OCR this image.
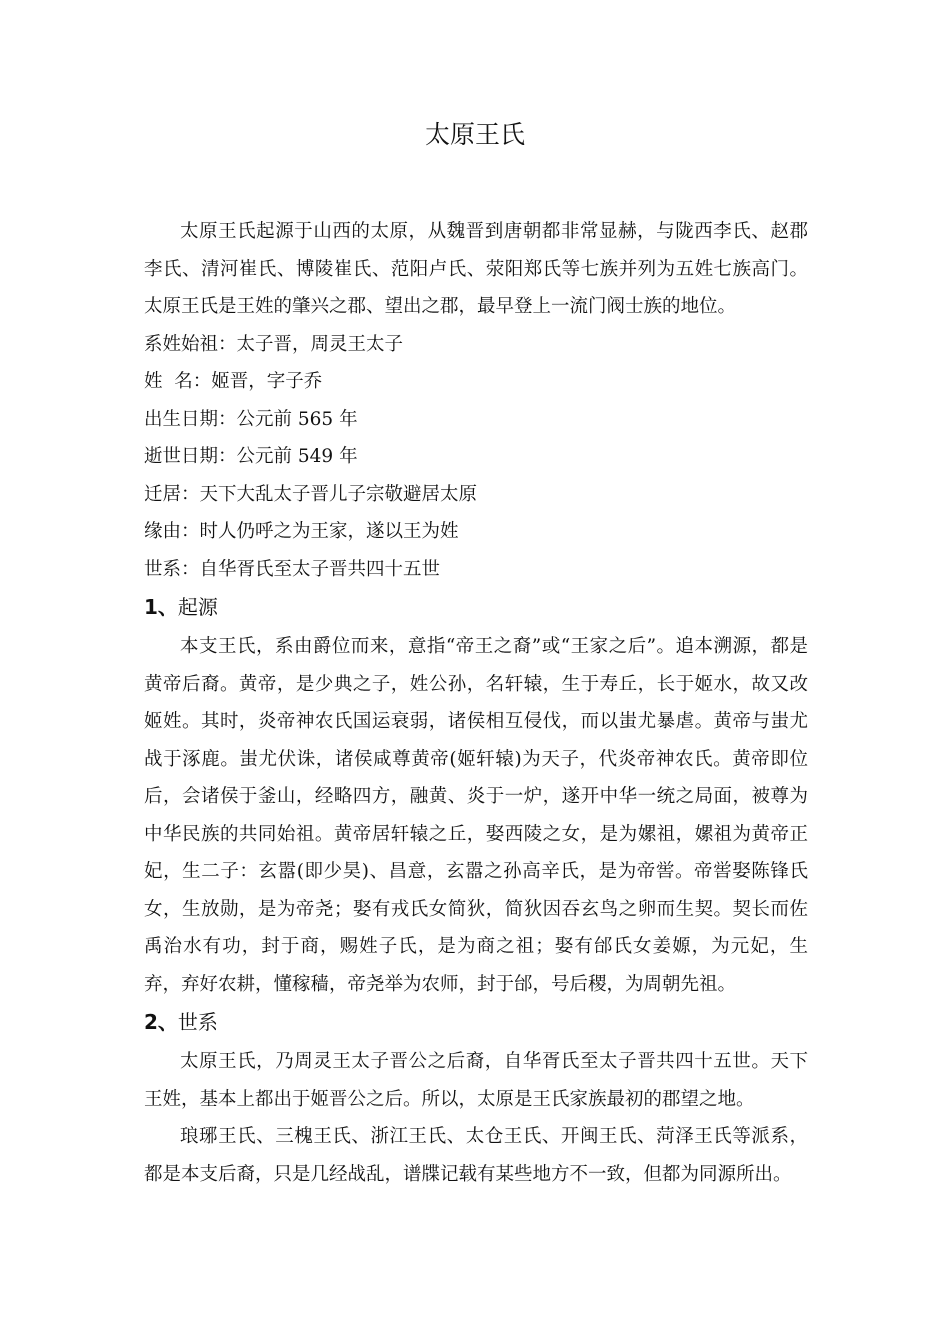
太原王氏

太原王氏起源于山西的太原，从魏晋到唐朝都非常显赫，与陇西李氏、赵郡李氏、清河崔氏、博陵崔氏、范阳卢氏、荥阳郑氏等七族并列为五姓七族高门。太原王氏是王姓的肇兴之郡、望出之郡，最早登上一流门阀士族的地位。

系姓始祖：太子晋，周灵王太子

姓  名：姬晋，字子乔

出生日期：公元前 565 年

逝世日期：公元前 549 年

迁居：天下大乱太子晋儿子宗敬避居太原

缘由：时人仍呼之为王家，遂以王为姓

世系：自华胥氏至太子晋共四十五世

1、起源

本支王氏，系由爵位而来，意指“帝王之裔”或“王家之后”。追本溯源，都是黄帝后裔。黄帝，是少典之子，姓公孙，名轩辕，生于寿丘，长于姬水，故又改姬姓。其时，炎帝神农氏国运衰弱，诸侯相互侵伐，而以蚩尤暴虐。黄帝与蚩尤战于涿鹿。蚩尤伏诛，诸侯咸尊黄帝(姬轩辕)为天子，代炎帝神农氏。黄帝即位后，会诸侯于釜山，经略四方，融黄、炎于一炉，遂开中华一统之局面，被尊为中华民族的共同始祖。黄帝居轩辕之丘，娶西陵之女，是为嫘祖，嫘祖为黄帝正妃，生二子：玄嚣(即少昊)、昌意，玄嚣之孙高辛氏，是为帝喾。帝喾娶陈锋氏女，生放勋，是为帝尧；娶有戎氏女简狄，简狄因吞玄鸟之卵而生契。契长而佐禹治水有功，封于商，赐姓子氏，是为商之祖；娶有邰氏女姜嫄，为元妃，生弃，弃好农耕，懂稼穑，帝尧举为农师，封于邰，号后稷，为周朝先祖。

2、世系

太原王氏，乃周灵王太子晋公之后裔，自华胥氏至太子晋共四十五世。天下王姓，基本上都出于姬晋公之后。所以，太原是王氏家族最初的郡望之地。

琅琊王氏、三槐王氏、浙江王氏、太仓王氏、开闽王氏、菏泽王氏等派系，都是本支后裔，只是几经战乱，谱牒记载有某些地方不一致，但都为同源所出。
